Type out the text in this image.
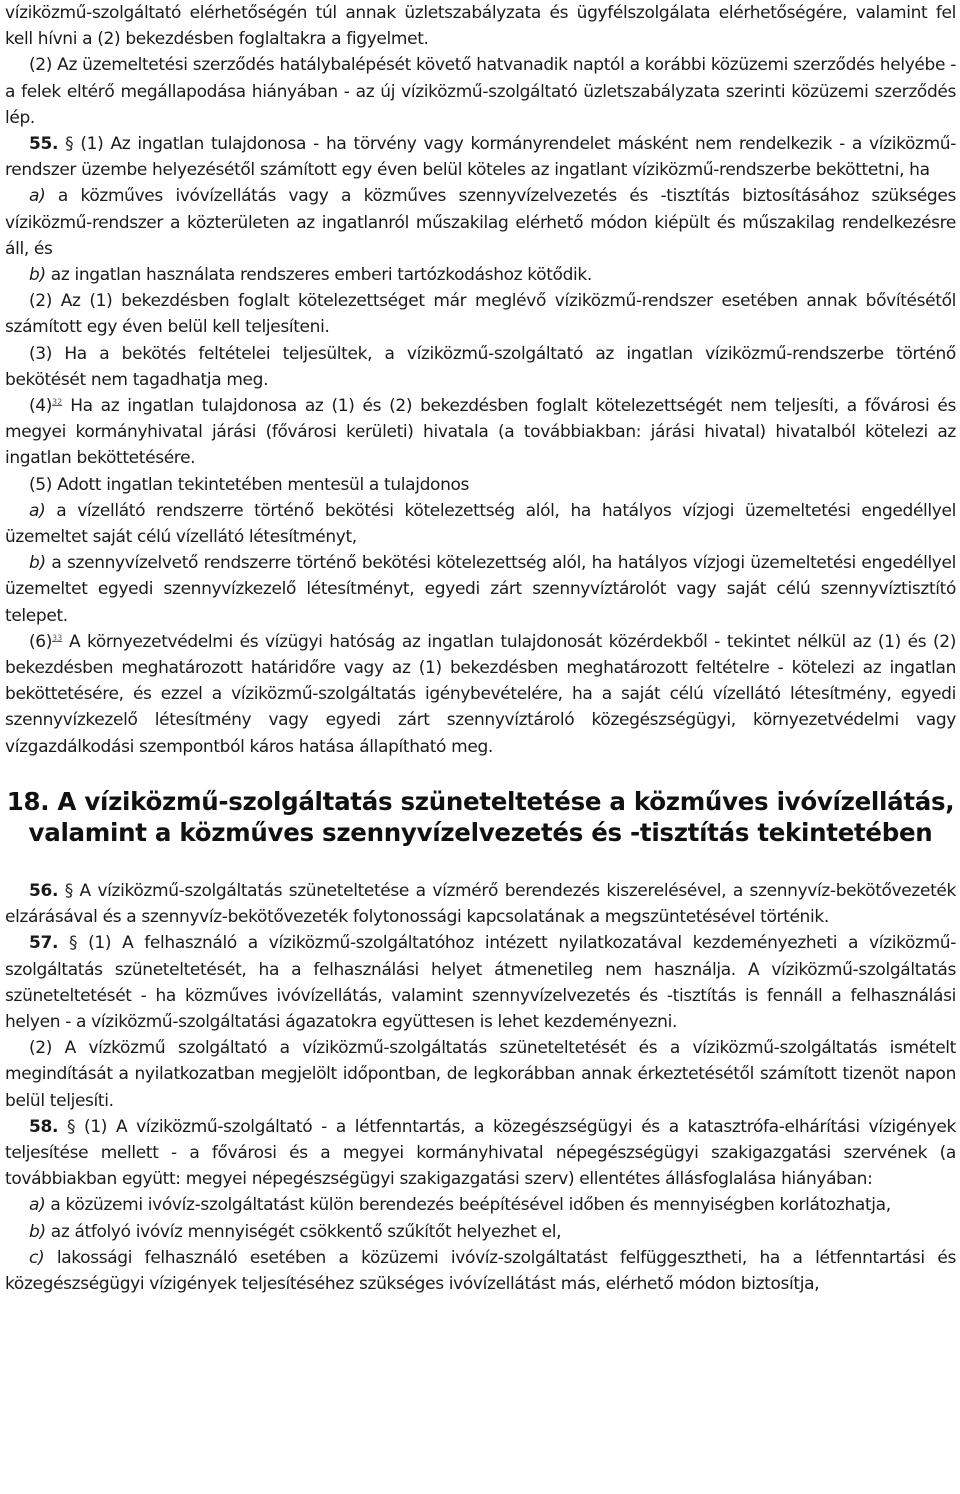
víziközmű-szolgáltató elérhetőségén túl annak üzletszabályzata és ügyfélszolgálata elérhetőségére, valamint fel kell hívni a (2) bekezdésben foglaltakra a figyelmet.

(2) Az üzemeltetési szerződés hatálybalépését követő hatvanadik naptól a korábbi közüzemi szerződés helyébe - a felek eltérő megállapodása hiányában - az új víziközmű-szolgáltató üzletszabályzata szerinti közüzemi szerződés lép.

55. § (1) Az ingatlan tulajdonosa - ha törvény vagy kormányrendelet másként nem rendelkezik - a víziközmű-rendszer üzembe helyezésétől számított egy éven belül köteles az ingatlant víziközmű-rendszerbe beköttetni, ha

a) a közműves ivóvízellátás vagy a közműves szennyvízelvezetés és -tisztítás biztosításához szükséges víziközmű-rendszer a közterületen az ingatlanról műszakilag elérhető módon kiépült és műszakilag rendelkezésre áll, és

b) az ingatlan használata rendszeres emberi tartózkodáshoz kötődik.

(2) Az (1) bekezdésben foglalt kötelezettséget már meglévő víziközmű-rendszer esetében annak bővítésétől számított egy éven belül kell teljesíteni.

(3) Ha a bekötés feltételei teljesültek, a víziközmű-szolgáltató az ingatlan víziközmű-rendszerbe történő bekötését nem tagadhatja meg.

(4)$^{32}$ Ha az ingatlan tulajdonosa az (1) és (2) bekezdésben foglalt kötelezettségét nem teljesíti, a fővárosi és megyei kormányhivatal járási (fővárosi kerületi) hivatala (a továbbiakban: járási hivatal) hivatalból kötelezi az ingatlan beköttetésére.

(5) Adott ingatlan tekintetében mentesül a tulajdonos

a) a vízellátó rendszerre történő bekötési kötelezettség alól, ha hatályos vízjogi üzemeltetési engedéllyel üzemeltet saját célú vízellátó létesítményt,

b) a szennyvízelvető rendszerre történő bekötési kötelezettség alól, ha hatályos vízjogi üzemeltetési engedéllyel üzemeltet egyedi szennyvízkezelő létesítményt, egyedi zárt szennyvíztárolót vagy saját célú szennyvíztisztító telepet.

(6)$^{33}$ A környezetvédelmi és vízügyi hatóság az ingatlan tulajdonosát közérdekből - tekintet nélkül az (1) és (2) bekezdésben meghatározott határidőre vagy az (1) bekezdésben meghatározott feltételre - kötelezi az ingatlan beköttetésére, és ezzel a víziközmű-szolgáltatás igénybevételére, ha a saját célú vízellátó létesítmény, egyedi szennyvízkezelő létesítmény vagy egyedi zárt szennyvíztároló közegészségügyi, környezetvédelmi vagy vízgazdálkodási szempontból káros hatása állapítható meg.

18. A víziközmű-szolgáltatás szüneteltetése a közműves ivóvízellátás,
valamint a közműves szennyvízelvezetés és -tisztítás tekintetében

56. § A víziközmű-szolgáltatás szüneteltetése a vízmérő berendezés kiszerelésével, a szennyvíz-bekötővezeték elzárásával és a szennyvíz-bekötővezeték folytonossági kapcsolatának a megszüntetésével történik.

57. § (1) A felhasználó a víziközmű-szolgáltatóhoz intézett nyilatkozatával kezdeményezheti a víziközmű-szolgáltatás szüneteltetését, ha a felhasználási helyet átmenetileg nem használja. A víziközmű-szolgáltatás szüneteltetését - ha közműves ivóvízellátás, valamint szennyvízelvezetés és -tisztítás is fennáll a felhasználási helyen - a víziközmű-szolgáltatási ágazatokra együttesen is lehet kezdeményezni.

(2) A vízközmű szolgáltató a víziközmű-szolgáltatás szüneteltetését és a víziközmű-szolgáltatás ismételt megindítását a nyilatkozatban megjelölt időpontban, de legkorábban annak érkeztetésétől számított tizenöt napon belül teljesíti.

58. § (1) A víziközmű-szolgáltató - a létfenntartás, a közegészségügyi és a katasztrófa-elhárítási vízigények teljesítése mellett - a fővárosi és a megyei kormányhivatal népegészségügyi szakigazgatási szervének (a továbbiakban együtt: megyei népegészségügyi szakigazgatási szerv) ellentétes állásfoglalása hiányában:

a) a közüzemi ivóvíz-szolgáltatást külön berendezés beépítésével időben és mennyiségben korlátozhatja,

b) az átfolyó ivóvíz mennyiségét csökkentő szűkítőt helyezhet el,

c) lakossági felhasználó esetében a közüzemi ivóvíz-szolgáltatást felfüggesztheti, ha a létfenntartási és közegészségügyi vízigények teljesítéséhez szükséges ivóvízellátást más, elérhető módon biztosítja,
